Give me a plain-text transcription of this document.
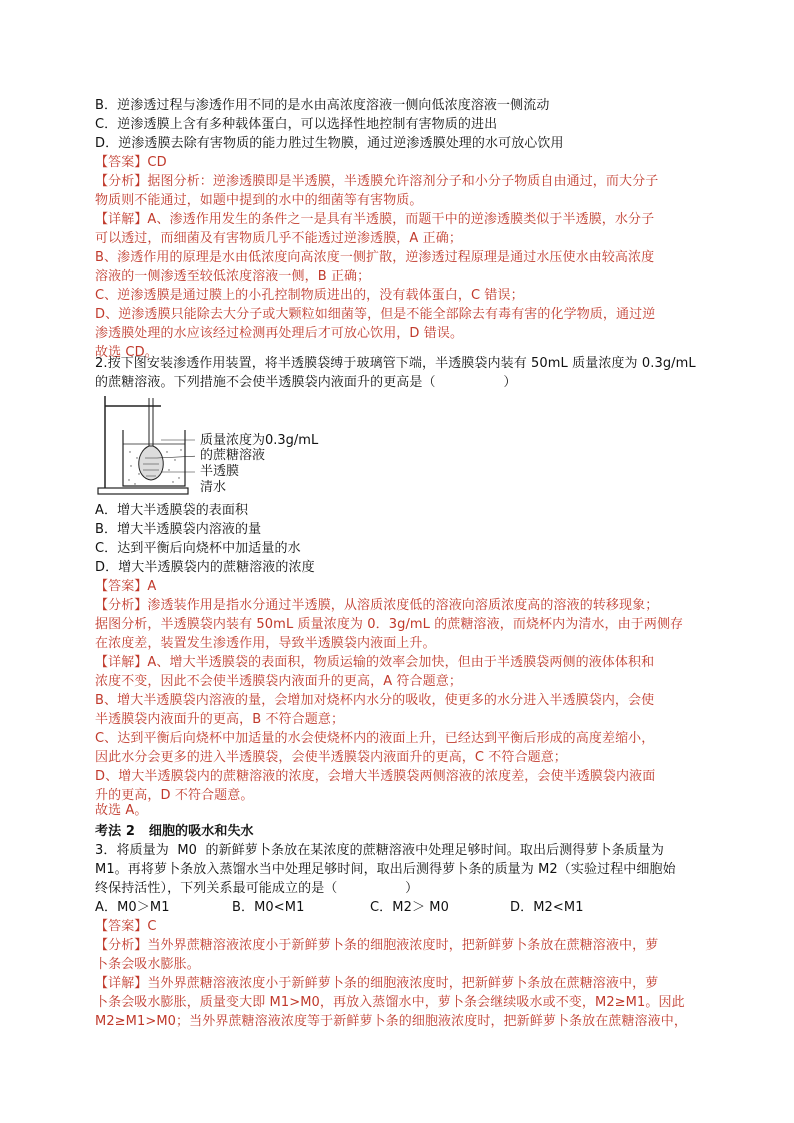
B．逆渗透过程与渗透作用不同的是水由高浓度溶液一侧向低浓度溶液一侧流动
C．逆渗透膜上含有多种载体蛋白，可以选择性地控制有害物质的进出
D．逆渗透膜去除有害物质的能力胜过生物膜，通过逆渗透膜处理的水可放心饮用
【答案】CD
【分析】据图分析：逆渗透膜即是半透膜，半透膜允许溶剂分子和小分子物质自由通过，而大分子
物质则不能通过，如题中提到的水中的细菌等有害物质。
【详解】A、渗透作用发生的条件之一是具有半透膜，而题干中的逆渗透膜类似于半透膜，水分子
可以透过，而细菌及有害物质几乎不能透过逆渗透膜，A 正确；
B、渗透作用的原理是水由低浓度向高浓度一侧扩散，逆渗透过程原理是通过水压使水由较高浓度
溶液的一侧渗透至较低浓度溶液一侧，B 正确；
C、逆渗透膜是通过膜上的小孔控制物质进出的，没有载体蛋白，C 错误；
D、逆渗透膜只能除去大分子或大颗粒如细菌等，但是不能全部除去有毒有害的化学物质，通过逆
渗透膜处理的水应该经过检测再处理后才可放心饮用，D 错误。
故选 CD。
2.按下图安装渗透作用装置，将半透膜袋缚于玻璃管下端，半透膜袋内装有 50mL 质量浓度为 0.3g/mL
的蔗糖溶液。下列措施不会使半透膜袋内液面升的更高是（                ）
质量浓度为0.3g/mL
的蔗糖溶液
半透膜
清水
A．增大半透膜袋的表面积
B．增大半透膜袋内溶液的量
C．达到平衡后向烧杯中加适量的水
D．增大半透膜袋内的蔗糖溶液的浓度
【答案】A
【分析】渗透装作用是指水分通过半透膜，从溶质浓度低的溶液向溶质浓度高的溶液的转移现象；
据图分析，半透膜袋内装有 50mL 质量浓度为 0．3g/mL 的蔗糖溶液，而烧杯内为清水，由于两侧存
在浓度差，装置发生渗透作用，导致半透膜袋内液面上升。
【详解】A、增大半透膜袋的表面积，物质运输的效率会加快，但由于半透膜袋两侧的液体体积和
浓度不变，因此不会使半透膜袋内液面升的更高，A 符合题意；
B、增大半透膜袋内溶液的量，会增加对烧杯内水分的吸收，使更多的水分进入半透膜袋内，会使
半透膜袋内液面升的更高，B 不符合题意；
C、达到平衡后向烧杯中加适量的水会使烧杯内的液面上升，已经达到平衡后形成的高度差缩小，
因此水分会更多的进入半透膜袋，会使半透膜袋内液面升的更高，C 不符合题意；
D、增大半透膜袋内的蔗糖溶液的浓度，会增大半透膜袋两侧溶液的浓度差，会使半透膜袋内液面
升的更高，D 不符合题意。
故选 A。
考法 2   细胞的吸水和失水
3．将质量为  M0  的新鲜萝卜条放在某浓度的蔗糖溶液中处理足够时间。取出后测得萝卜条质量为
M1。再将萝卜条放入蒸馏水当中处理足够时间，取出后测得萝卜条的质量为 M2（实验过程中细胞始
终保持活性），下列关系最可能成立的是（                ）
A．M0＞M1	B．M0<M1	C．M2＞ M0	D．M2<M1
【答案】C
【分析】当外界蔗糖溶液浓度小于新鲜萝卜条的细胞液浓度时，把新鲜萝卜条放在蔗糖溶液中，萝
卜条会吸水膨胀。
【详解】当外界蔗糖溶液浓度小于新鲜萝卜条的细胞液浓度时，把新鲜萝卜条放在蔗糖溶液中，萝
卜条会吸水膨胀，质量变大即 M1>M0，再放入蒸馏水中，萝卜条会继续吸水或不变，M2≥M1。因此
M2≥M1>M0；当外界蔗糖溶液浓度等于新鲜萝卜条的细胞液浓度时，把新鲜萝卜条放在蔗糖溶液中，
